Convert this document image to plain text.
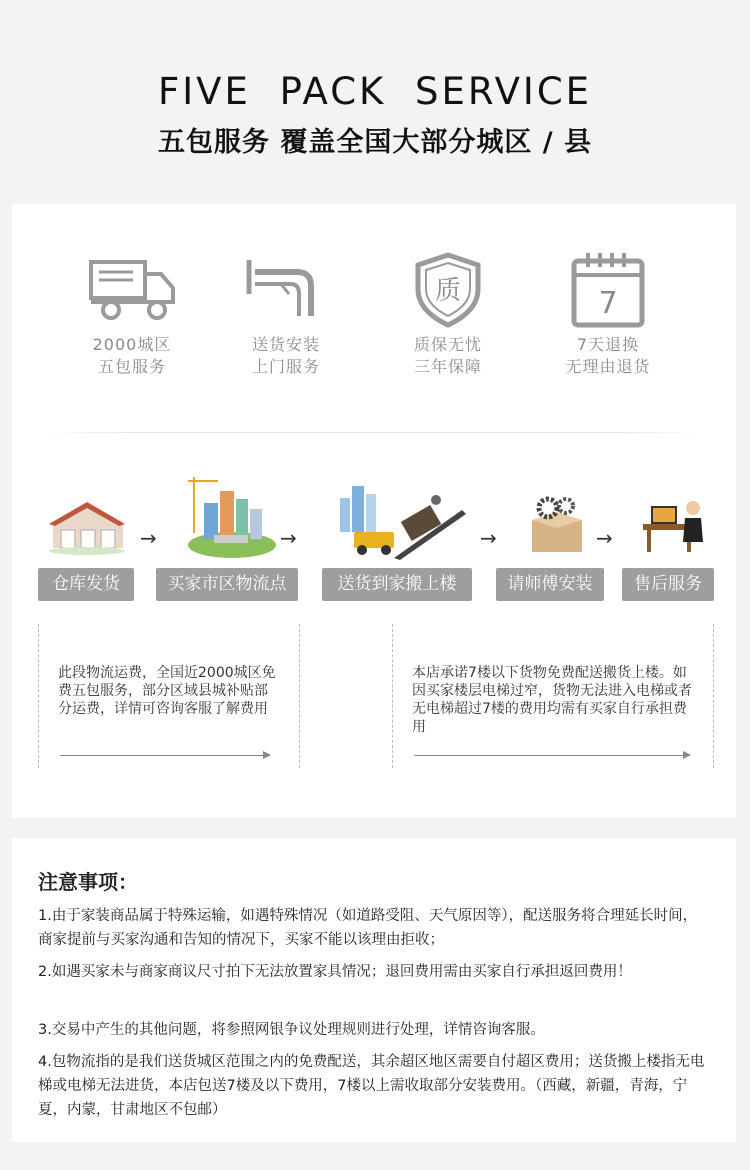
FIVE PACK SERVICE
五包服务 覆盖全国大部分城区 / 县
2000城区
五包服务
送货安装
上门服务
质
质保无忧
三年保障
7
7天退换
无理由退货
→	→	→	→
仓库发货	买家市区物流点	送货到家搬上楼	请师傅安装	售后服务
此段物流运费，全国近2000城区免费五包服务，部分区域县城补贴部分运费，详情可咨询客服了解费用
本店承诺7楼以下货物免费配送搬货上楼。如因买家楼层电梯过窄，货物无法进入电梯或者无电梯超过7楼的费用均需有买家自行承担费用
注意事项：
1.由于家装商品属于特殊运输，如遇特殊情况（如道路受阻、天气原因等），配送服务将合理延长时间，商家提前与买家沟通和告知的情况下，买家不能以该理由拒收；
2.如遇买家未与商家商议尺寸拍下无法放置家具情况；退回费用需由买家自行承担返回费用！
3.交易中产生的其他问题，将参照网银争议处理规则进行处理，详情咨询客服。
4.包物流指的是我们送货城区范围之内的免费配送，其余超区地区需要自付超区费用；送货搬上楼指无电梯或电梯无法进货，本店包送7楼及以下费用，7楼以上需收取部分安装费用。（西藏，新疆，青海，宁夏，内蒙，甘肃地区不包邮）
